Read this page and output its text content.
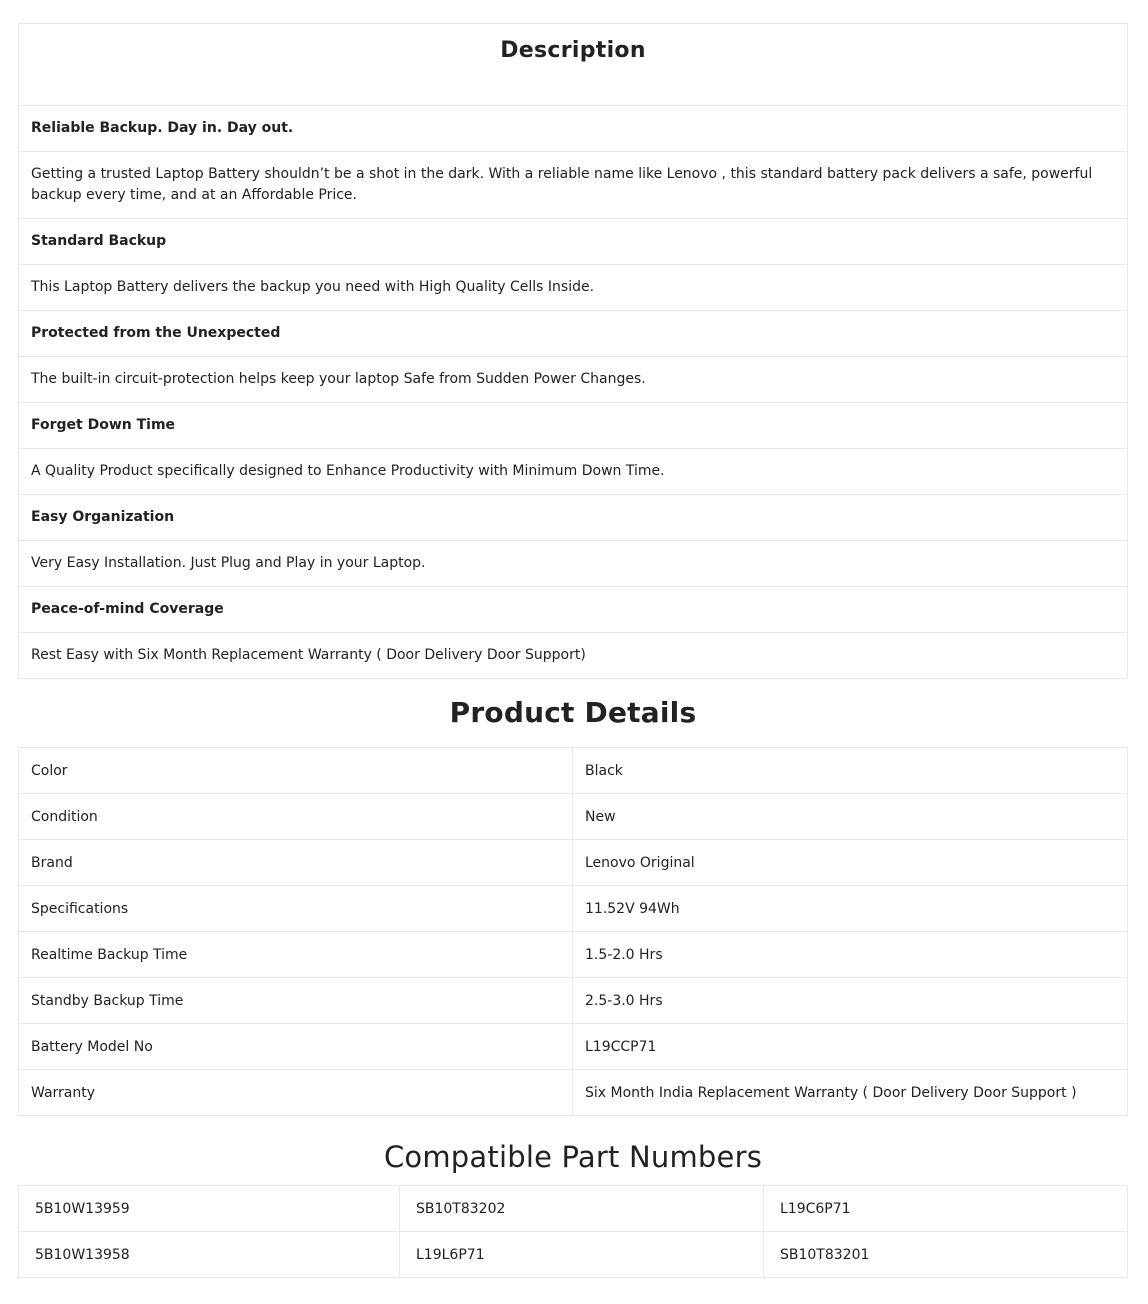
Description

Reliable Backup. Day in. Day out.
Getting a trusted Laptop Battery shouldn’t be a shot in the dark. With a reliable name like Lenovo , this standard battery pack delivers a safe, powerful backup every time, and at an Affordable Price.
Standard Backup
This Laptop Battery delivers the backup you need with High Quality Cells Inside.
Protected from the Unexpected
The built-in circuit-protection helps keep your laptop Safe from Sudden Power Changes.
Forget Down Time
A Quality Product specifically designed to Enhance Productivity with Minimum Down Time.
Easy Organization
Very Easy Installation. Just Plug and Play in your Laptop.
Peace-of-mind Coverage
Rest Easy with Six Month Replacement Warranty ( Door Delivery Door Support)
Product Details
Color	Black
Condition	New
Brand	Lenovo Original
Specifications	11.52V 94Wh
Realtime Backup Time	1.5-2.0 Hrs
Standby Backup Time	2.5-3.0 Hrs
Battery Model No	L19CCP71
Warranty	Six Month India Replacement Warranty ( Door Delivery Door Support )
Compatible Part Numbers
5B10W13959	SB10T83202	L19C6P71
5B10W13958	L19L6P71	SB10T83201
